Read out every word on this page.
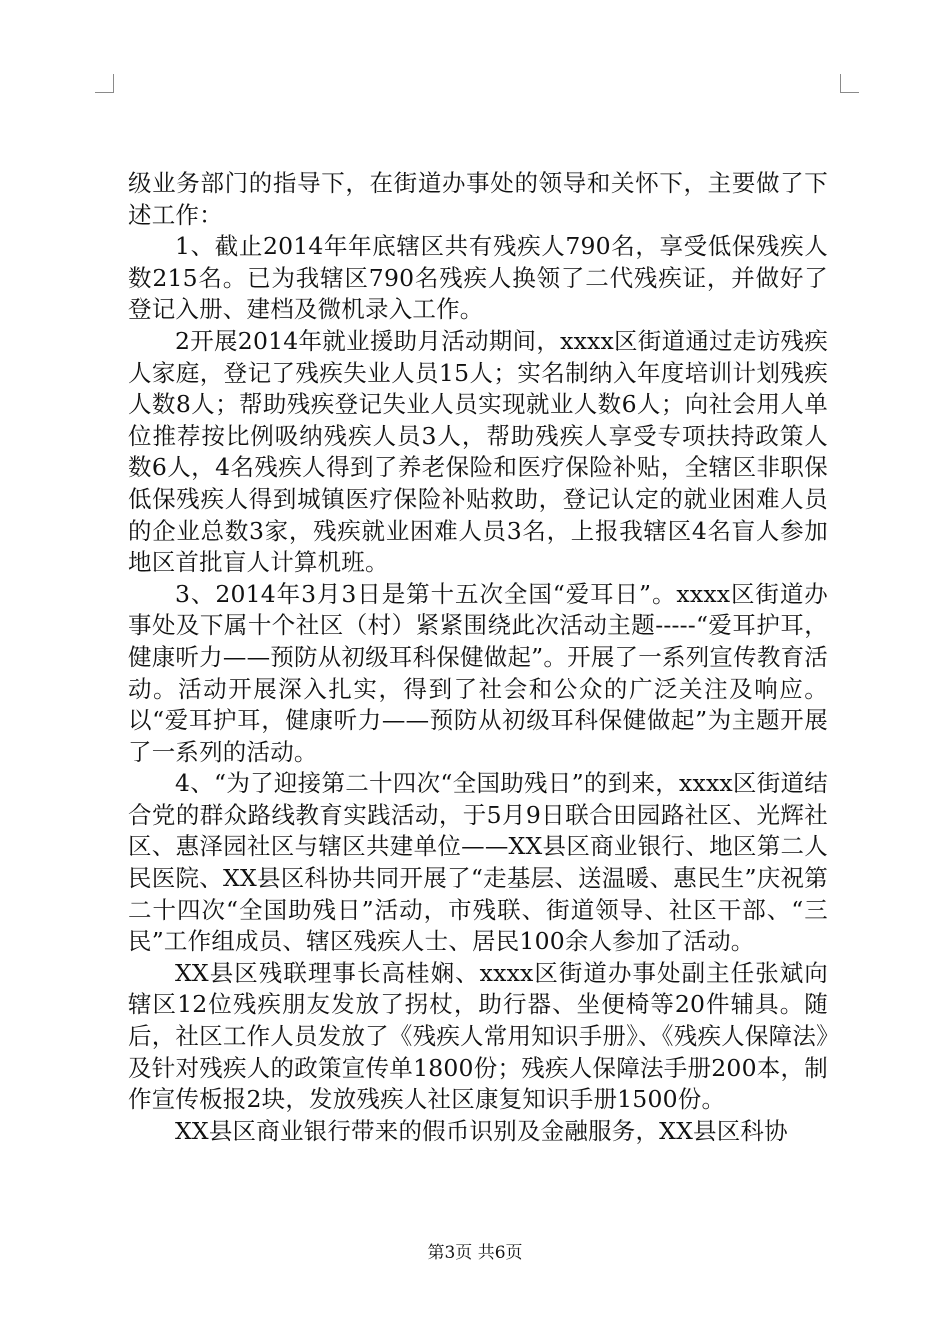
级业务部门的指导下，在街道办事处的领导和关怀下，主要做了下述工作：

1、截止2014年年底辖区共有残疾人790名，享受低保残疾人数215名。已为我辖区790名残疾人换领了二代残疾证，并做好了登记入册、建档及微机录入工作。

2开展2014年就业援助月活动期间，xxxx区街道通过走访残疾人家庭，登记了残疾失业人员15人；实名制纳入年度培训计划残疾人数8人；帮助残疾登记失业人员实现就业人数6人；向社会用人单位推荐按比例吸纳残疾人员3人，帮助残疾人享受专项扶持政策人数6人，4名残疾人得到了养老保险和医疗保险补贴，全辖区非职保低保残疾人得到城镇医疗保险补贴救助，登记认定的就业困难人员的企业总数3家，残疾就业困难人员3名，上报我辖区4名盲人参加地区首批盲人计算机班。

3、2014年3月3日是第十五次全国“爱耳日”。xxxx区街道办事处及下属十个社区（村）紧紧围绕此次活动主题-----“爱耳护耳，健康听力——预防从初级耳科保健做起”。开展了一系列宣传教育活动。活动开展深入扎实，得到了社会和公众的广泛关注及响应。以“爱耳护耳，健康听力——预防从初级耳科保健做起”为主题开展了一系列的活动。

4、“为了迎接第二十四次“全国助残日”的到来，xxxx区街道结合党的群众路线教育实践活动，于5月9日联合田园路社区、光辉社区、惠泽园社区与辖区共建单位——XX县区商业银行、地区第二人民医院、XX县区科协共同开展了“走基层、送温暖、惠民生”庆祝第二十四次“全国助残日”活动，市残联、街道领导、社区干部、“三民”工作组成员、辖区残疾人士、居民100余人参加了活动。

XX县区残联理事长高桂娴、xxxx区街道办事处副主任张斌向辖区12位残疾朋友发放了拐杖，助行器、坐便椅等20件辅具。随后，社区工作人员发放了《残疾人常用知识手册》、《残疾人保障法》及针对残疾人的政策宣传单1800份；残疾人保障法手册200本，制作宣传板报2块，发放残疾人社区康复知识手册1500份。

XX县区商业银行带来的假币识别及金融服务，XX县区科协

第3页 共6页
